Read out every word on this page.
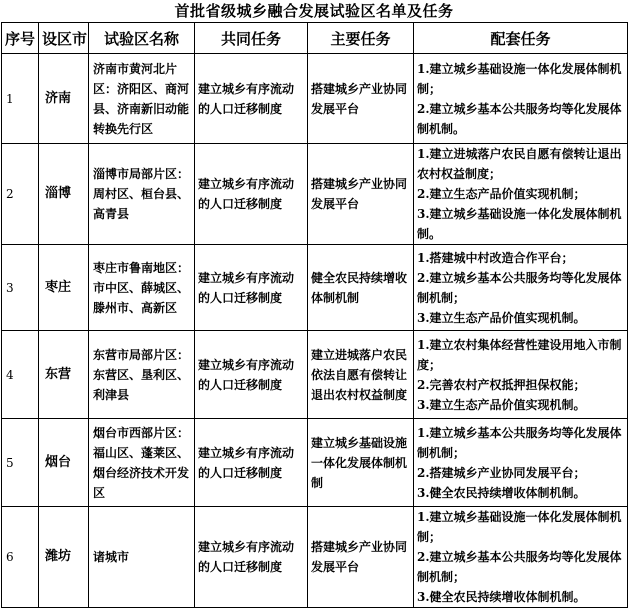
首批省级城乡融合发展试验区名单及任务
序号	设区市	试验区名称	共同任务	主要任务	配套任务
1	济南	济南市黄河北片区：济阳区、商河县、济南新旧动能转换先行区	建立城乡有序流动的人口迁移制度	搭建城乡产业协同发展平台	1.建立城乡基础设施一体化发展体制机制；
2.建立城乡基本公共服务均等化发展体制机制。

2	淄博	淄博市局部片区：周村区、桓台县、高青县	建立城乡有序流动的人口迁移制度	搭建城乡产业协同发展平台	1.建立进城落户农民自愿有偿转让退出农村权益制度；
2.建立生态产品价值实现机制；
3.建立城乡基础设施一体化发展体制机制。

3	枣庄	枣庄市鲁南地区：市中区、薛城区、滕州市、高新区	建立城乡有序流动的人口迁移制度	健全农民持续增收体制机制	1.搭建城中村改造合作平台；
2.建立城乡基本公共服务均等化发展体制机制；
3.建立生态产品价值实现机制。

4	东营	东营市局部片区：东营区、垦利区、利津县	建立城乡有序流动的人口迁移制度	建立进城落户农民依法自愿有偿转让退出农村权益制度	1.建立农村集体经营性建设用地入市制度；
2.完善农村产权抵押担保权能；
3.建立生态产品价值实现机制。

5	烟台	烟台市西部片区：福山区、蓬莱区、烟台经济技术开发区	建立城乡有序流动的人口迁移制度	建立城乡基础设施一体化发展体制机制	1.建立城乡基本公共服务均等化发展体制机制；
2.搭建城乡产业协同发展平台；
3.健全农民持续增收体制机制。

6	潍坊	诸城市	建立城乡有序流动的人口迁移制度	搭建城乡产业协同发展平台	1.建立城乡基础设施一体化发展体制机制；
2.建立城乡基本公共服务均等化发展体制机制；
3.健全农民持续增收体制机制。
